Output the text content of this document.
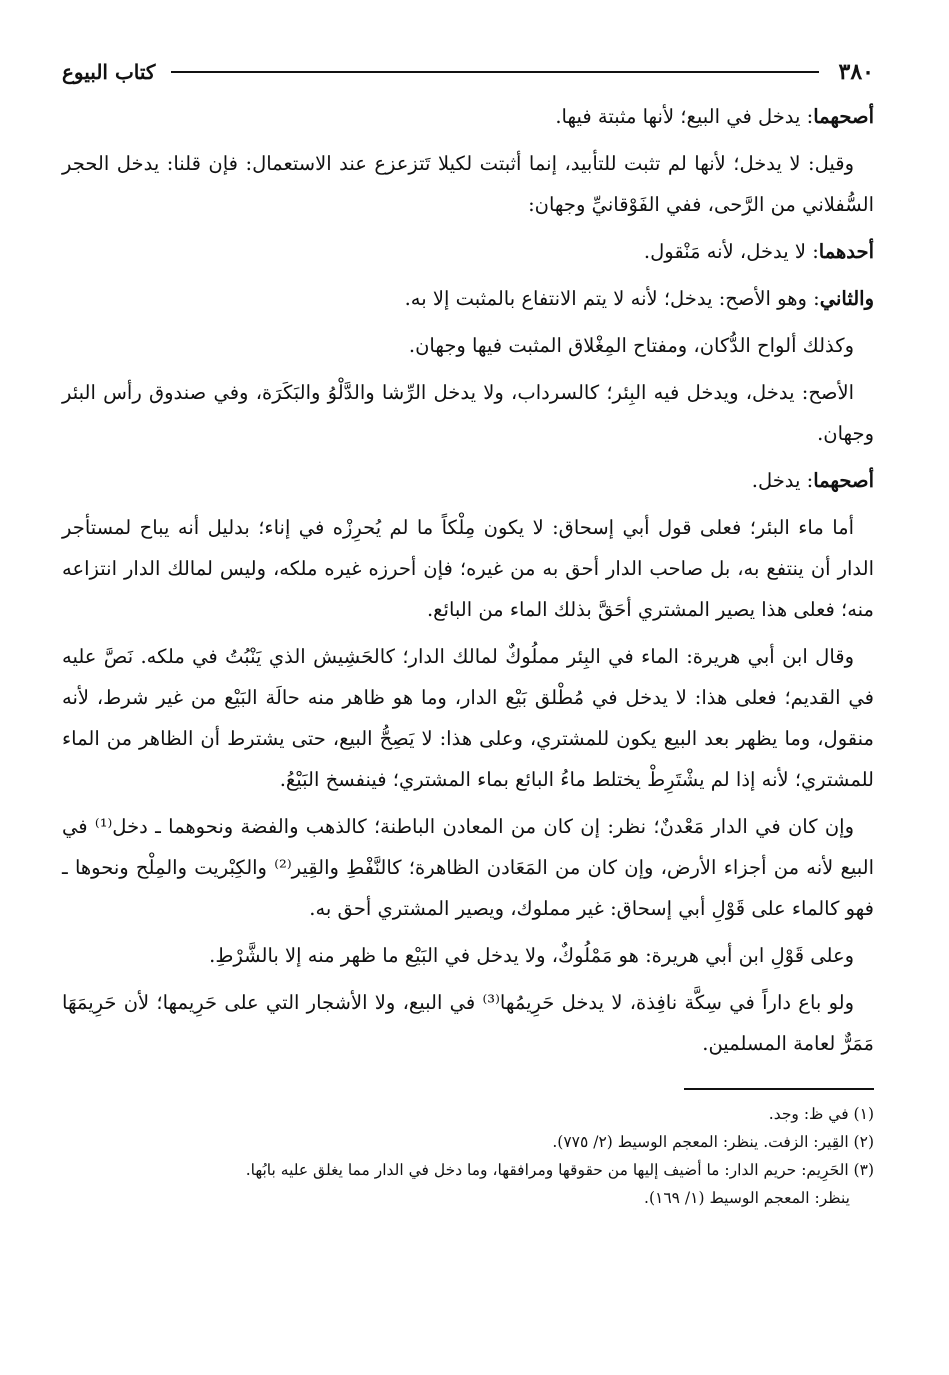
٣٨٠
كتاب البيوع

أصحهما: يدخل في البيع؛ لأنها مثبتة فيها.

وقيل: لا يدخل؛ لأنها لم تثبت للتأبيد، إنما أثبتت لكيلا تَتزعزع عند الاستعمال: فإن قلنا: يدخل الحجر السُّفلاني من الرَّحى، ففي الفَوْقانيِّ وجهان:

أحدهما: لا يدخل، لأنه مَنْقول.

والثاني: وهو الأصح: يدخل؛ لأنه لا يتم الانتفاع بالمثبت إلا به.

وكذلك ألواح الدُّكان، ومفتاح المِغْلاق المثبت فيها وجهان.

الأصح: يدخل، ويدخل فيه البِئر؛ كالسرداب، ولا يدخل الرِّشا والدَّلْوُ والبَكَرَة، وفي صندوق رأس البئر وجهان.

أصحهما: يدخل.

أما ماء البئر؛ فعلى قول أبي إسحاق: لا يكون مِلْكاً ما لم يُحرِزْه في إناء؛ بدليل أنه يباح لمستأجر الدار أن ينتفع به، بل صاحب الدار أحق به من غيره؛ فإن أحرزه غيره ملكه، وليس لمالك الدار انتزاعه منه؛ فعلى هذا يصير المشتري أحَقَّ بذلك الماء من البائع.

وقال ابن أبي هريرة: الماء في البِئر مملُوكٌ لمالك الدار؛ كالحَشِيش الذي يَنْبُتُ في ملكه. نَصَّ عليه في القديم؛ فعلى هذا: لا يدخل في مُطْلق بَيْع الدار، وما هو ظاهر منه حالَة البَيْع من غير شرط، لأنه منقول، وما يظهر بعد البيع يكون للمشتري، وعلى هذا: لا يَصِحُّ البيع، حتى يشترط أن الظاهر من الماء للمشتري؛ لأنه إذا لم يشْتَرِطْ يختلط ماءُ البائع بماء المشتري؛ فينفسخ البَيْعُ.

وإن كان في الدار مَعْدنٌ؛ نظر: إن كان من المعادن الباطنة؛ كالذهب والفضة ونحوهما ـ دخل⁽¹⁾ في البيع لأنه من أجزاء الأرض، وإن كان من المَعَادن الظاهرة؛ كالنَّفْطِ والقِير⁽²⁾ والكِبْريت والمِلْح ونحوها ـ فهو كالماء على قَوْلِ أبي إسحاق: غير مملوك، ويصير المشتري أحق به.

وعلى قَوْلِ ابن أبي هريرة: هو مَمْلُوكٌ، ولا يدخل في البَيْع ما ظهر منه إلا بالشَّرْطِ.

ولو باع داراً في سِكَّة نافِذة، لا يدخل حَرِيمُها⁽³⁾ في البيع، ولا الأشجار التي على حَرِيمها؛ لأن حَرِيمَهَا مَمَرٌّ لعامة المسلمين.

(١) في ظ: وجد.

(٢) القِير: الزفت. ينظر: المعجم الوسيط (٢/ ٧٧٥).

(٣) الحَرِيم: حريم الدار: ما أضيف إليها من حقوقها ومرافقها، وما دخل في الدار مما يغلق عليه بابُها.

ينظر: المعجم الوسيط (١/ ١٦٩).
